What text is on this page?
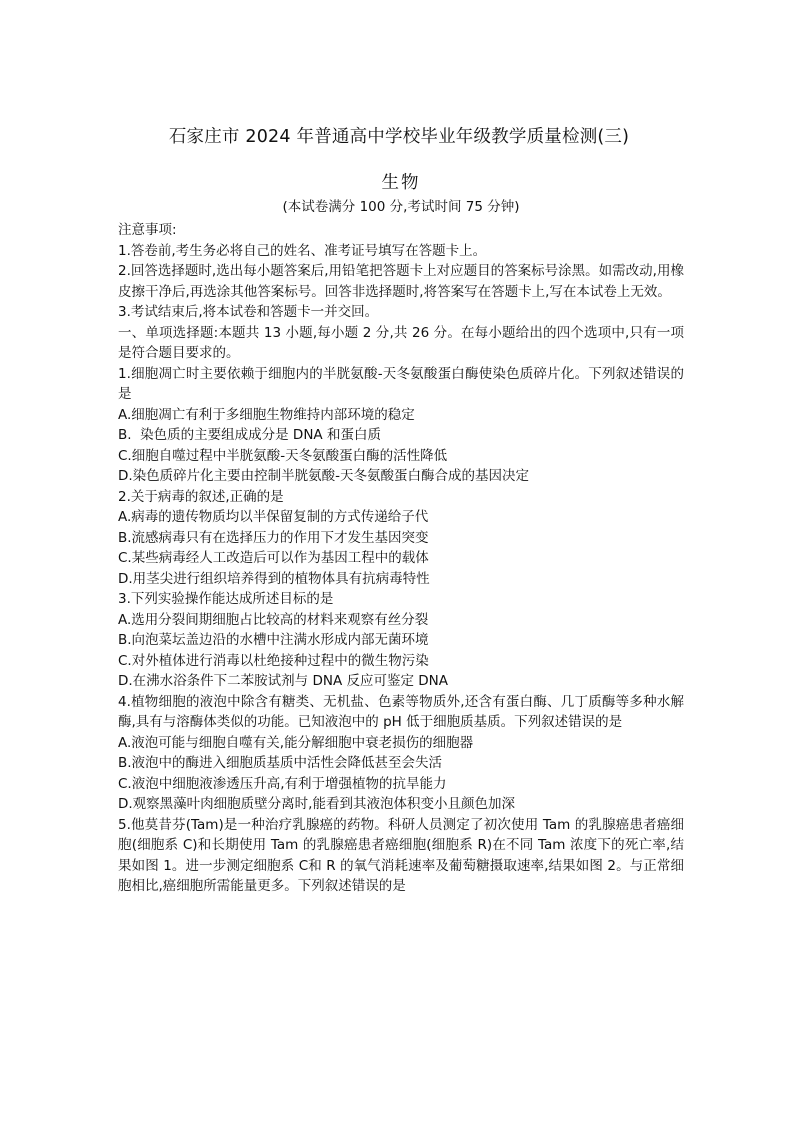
石家庄市 2024 年普通高中学校毕业年级教学质量检测(三)
生物
(本试卷满分 100 分,考试时间 75 分钟)
注意事项:
1.答卷前,考生务必将自己的姓名、准考证号填写在答题卡上。
2.回答选择题时,选出每小题答案后,用铅笔把答题卡上对应题目的答案标号涂黑。如需改动,用橡皮擦干净后,再选涂其他答案标号。回答非选择题时,将答案写在答题卡上,写在本试卷上无效。
3.考试结束后,将本试卷和答题卡一并交回。
一、单项选择题:本题共 13 小题,每小题 2 分,共 26 分。在每小题给出的四个选项中,只有一项是符合题目要求的。
1.细胞凋亡时主要依赖于细胞内的半胱氨酸-天冬氨酸蛋白酶使染色质碎片化。下列叙述错误的是
A.细胞凋亡有利于多细胞生物维持内部环境的稳定
B.  染色质的主要组成成分是 DNA 和蛋白质
C.细胞自噬过程中半胱氨酸-天冬氨酸蛋白酶的活性降低
D.染色质碎片化主要由控制半胱氨酸-天冬氨酸蛋白酶合成的基因决定
2.关于病毒的叙述,正确的是
A.病毒的遗传物质均以半保留复制的方式传递给子代
B.流感病毒只有在选择压力的作用下才发生基因突变
C.某些病毒经人工改造后可以作为基因工程中的载体
D.用茎尖进行组织培养得到的植物体具有抗病毒特性
3.下列实验操作能达成所述目标的是
A.选用分裂间期细胞占比较高的材料来观察有丝分裂
B.向泡菜坛盖边沿的水槽中注满水形成内部无菌环境
C.对外植体进行消毒以杜绝接种过程中的微生物污染
D.在沸水浴条件下二苯胺试剂与 DNA 反应可鉴定 DNA
4.植物细胞的液泡中除含有糖类、无机盐、色素等物质外,还含有蛋白酶、几丁质酶等多种水解酶,具有与溶酶体类似的功能。已知液泡中的 pH 低于细胞质基质。下列叙述错误的是
A.液泡可能与细胞自噬有关,能分解细胞中衰老损伤的细胞器
B.液泡中的酶进入细胞质基质中活性会降低甚至会失活
C.液泡中细胞液渗透压升高,有利于增强植物的抗旱能力
D.观察黑藻叶肉细胞质壁分离时,能看到其液泡体积变小且颜色加深
5.他莫昔芬(Tam)是一种治疗乳腺癌的药物。科研人员测定了初次使用 Tam 的乳腺癌患者癌细胞(细胞系 C)和长期使用 Tam 的乳腺癌患者癌细胞(细胞系 R)在不同 Tam 浓度下的死亡率,结果如图 1。进一步测定细胞系 C和 R 的氧气消耗速率及葡萄糖摄取速率,结果如图 2。与正常细胞相比,癌细胞所需能量更多。下列叙述错误的是
